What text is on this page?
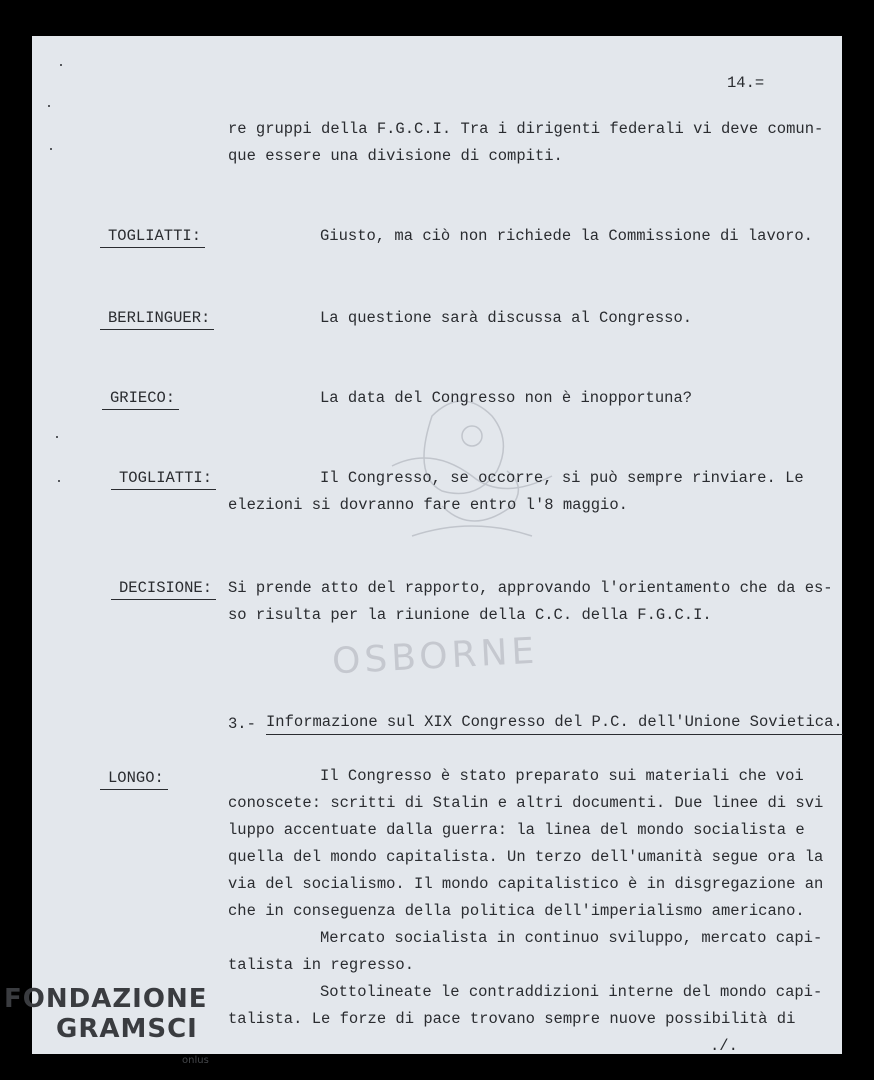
OSBORNE
14.=
re gruppi della F.G.C.I. Tra i dirigenti federali vi deve comun-
que essere una divisione di compiti.
TOGLIATTI:	Giusto, ma ciò non richiede la Commissione di lavoro.
BERLINGUER:	La questione sarà discussa al Congresso.
GRIECO:	La data del Congresso non è inopportuna?
TOGLIATTI:	Il Congresso, se occorre, si può sempre rinviare. Le
elezioni si dovranno fare entro l'8 maggio.
DECISIONE: Si prende atto del rapporto, approvando l'orientamento che da es-
so risulta per la riunione della C.C. della F.G.C.I.
3.- Informazione sul XIX Congresso del P.C. dell'Unione Sovietica.
LONGO:	Il Congresso è stato preparato sui materiali che voi
conoscete: scritti di Stalin e altri documenti. Due linee di svi
luppo accentuate dalla guerra: la linea del mondo socialista e
quella del mondo capitalista. Un terzo dell'umanità segue ora la
via del socialismo. Il mondo capitalistico è in disgregazione an
che in conseguenza della politica dell'imperialismo americano.
Mercato socialista in continuo sviluppo, mercato capi-
talista in regresso.
Sottolineate le contraddizioni interne del mondo capi-
talista. Le forze di pace trovano sempre nuove possibilità di
./.
FONDAZIONE
GRAMSCI
onlus
